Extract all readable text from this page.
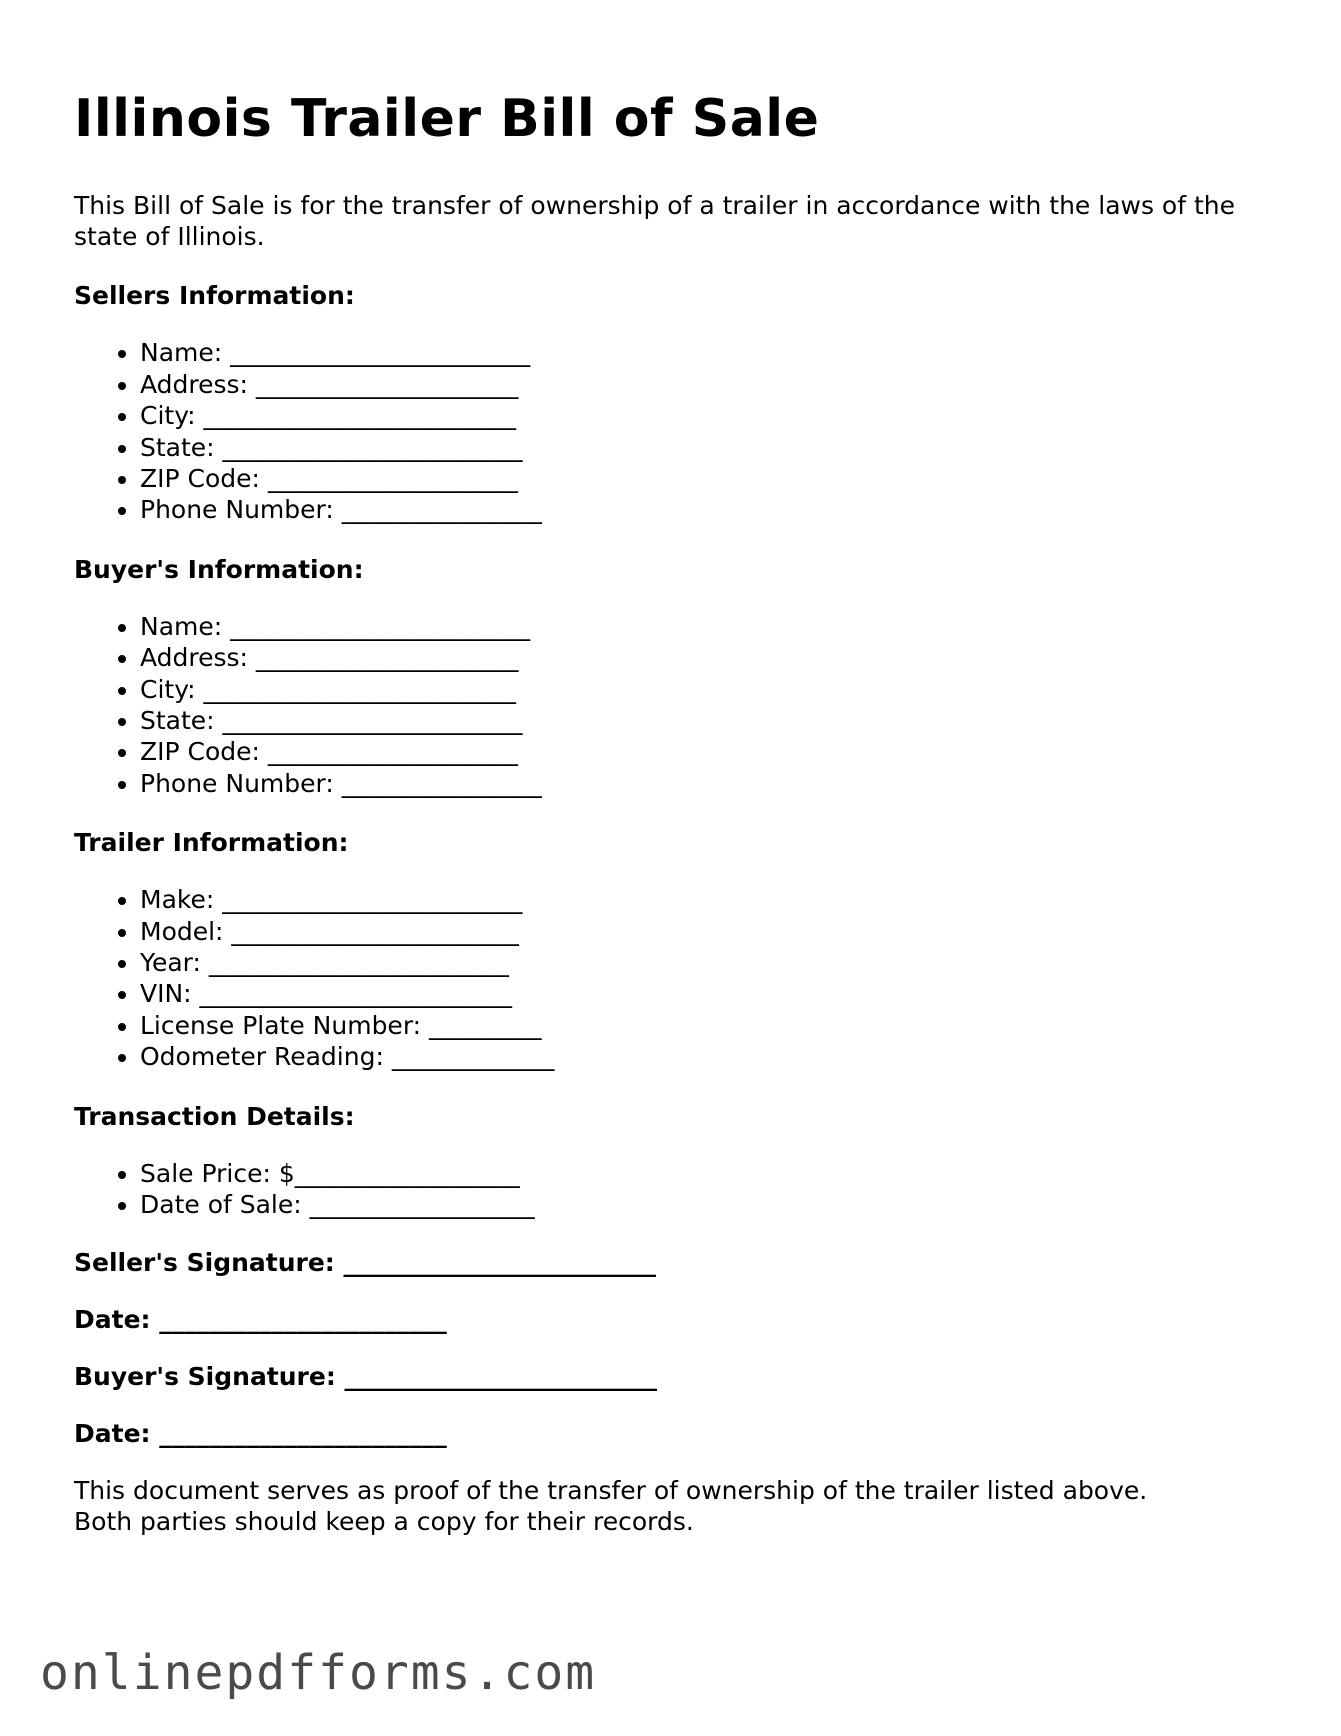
Illinois Trailer Bill of Sale

This Bill of Sale is for the transfer of ownership of a trailer in accordance with the laws of the state of Illinois.

Sellers Information:

• Name: ________________________
• Address: _____________________
• City: _________________________
• State: ________________________
• ZIP Code: ____________________
• Phone Number: ________________

Buyer's Information:

• Name: ________________________
• Address: _____________________
• City: _________________________
• State: ________________________
• ZIP Code: ____________________
• Phone Number: ________________

Trailer Information:

• Make: ________________________
• Model: _______________________
• Year: ________________________
• VIN: _________________________
• License Plate Number: _________
• Odometer Reading: _____________

Transaction Details:

• Sale Price: $__________________
• Date of Sale: __________________

Seller's Signature: _________________________

Date: _______________________

Buyer's Signature: _________________________

Date: _______________________

This document serves as proof of the transfer of ownership of the trailer listed above.
Both parties should keep a copy for their records.

onlinepdfforms.com
